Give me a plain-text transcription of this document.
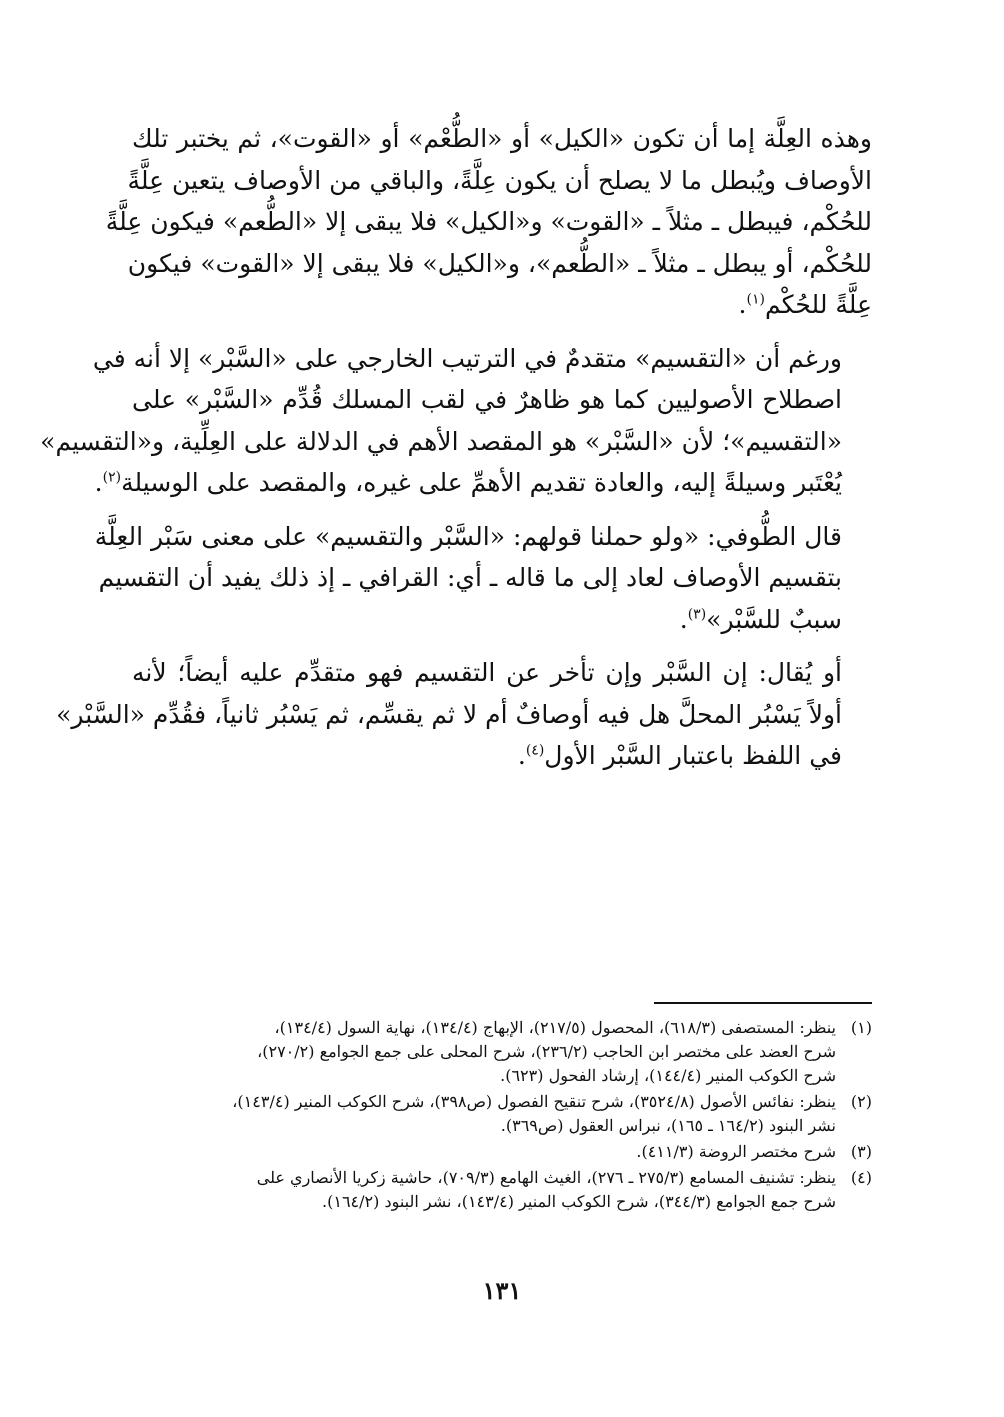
وهذه العِلَّة إما أن تكون «الكيل» أو «الطُّعْم» أو «القوت»، ثم يختبر تلك
الأوصاف ويُبطل ما لا يصلح أن يكون عِلَّةً، والباقي من الأوصاف يتعين عِلَّةً
للحُكْم، فيبطل ـ مثلاً ـ «القوت» و«الكيل» فلا يبقى إلا «الطُّعم» فيكون عِلَّةً
للحُكْم، أو يبطل ـ مثلاً ـ «الطُّعم»، و«الكيل» فلا يبقى إلا «القوت» فيكون
عِلَّةً للحُكْم$^{(١)}$.

ورغم أن «التقسيم» متقدمٌ في الترتيب الخارجي على «السَّبْر» إلا أنه في
اصطلاح الأصوليين كما هو ظاهرٌ في لقب المسلك قُدِّم «السَّبْر» على
«التقسيم»؛ لأن «السَّبْر» هو المقصد الأهم في الدلالة على العِلِّية، و«التقسيم»
يُعْتَبر وسيلةً إليه، والعادة تقديم الأهمِّ على غيره، والمقصد على الوسيلة$^{(٢)}$.

قال الطُّوفي: «ولو حملنا قولهم: «السَّبْر والتقسيم» على معنى سَبْر العِلَّة
بتقسيم الأوصاف لعاد إلى ما قاله ـ أي: القرافي ـ إذ ذلك يفيد أن التقسيم
سببٌ للسَّبْر»$^{(٣)}$.

أو يُقال: إن السَّبْر وإن تأخر عن التقسيم فهو متقدِّم عليه أيضاً؛ لأنه
أولاً يَسْبُر المحلَّ هل فيه أوصافٌ أم لا ثم يقسِّم، ثم يَسْبُر ثانياً، فقُدِّم «السَّبْر»
في اللفظ باعتبار السَّبْر الأول$^{(٤)}$.

(١)
ينظر: المستصفى (٦١٨/٣)، المحصول (٢١٧/٥)، الإبهاج (١٣٤/٤)، نهاية السول (١٣٤/٤)،
شرح العضد على مختصر ابن الحاجب (٢٣٦/٢)، شرح المحلى على جمع الجوامع (٢٧٠/٢)،
شرح الكوكب المنير (١٤٤/٤)، إرشاد الفحول (٦٢٣).
(٢)
ينظر: نفائس الأصول (٣٥٢٤/٨)، شرح تنقيح الفصول (ص٣٩٨)، شرح الكوكب المنير (١٤٣/٤)،
نشر البنود (١٦٤/٢ ـ ١٦٥)، نبراس العقول (ص٣٦٩).
(٣)
شرح مختصر الروضة (٤١١/٣).
(٤)
ينظر: تشنيف المسامع (٢٧٥/٣ ـ ٢٧٦)، الغيث الهامع (٧٠٩/٣)، حاشية زكريا الأنصاري على
شرح جمع الجوامع (٣٤٤/٣)، شرح الكوكب المنير (١٤٣/٤)، نشر البنود (١٦٤/٢).
١٣١
